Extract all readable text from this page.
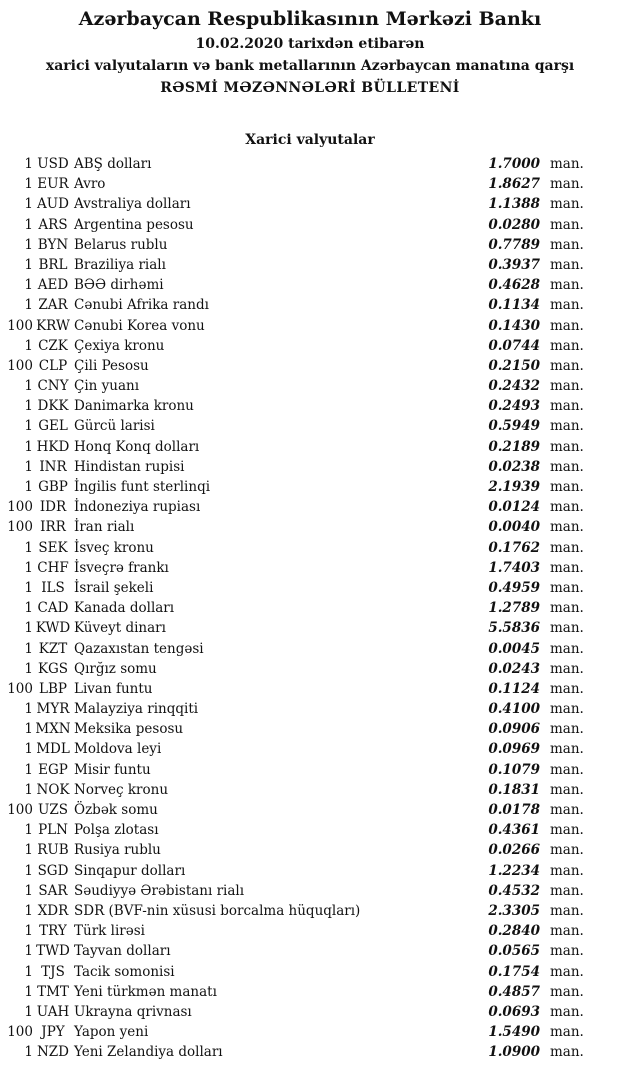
Azərbaycan Respublikasının Mərkəzi Bankı
10.02.2020 tarixdən etibarən
xarici valyutaların və bank metallarının Azərbaycan manatına qarşı
RƏSMİ MƏZƏNNƏLƏRİ BÜLLETENİ
Xarici valyutalar
1 USD ABŞ dolları	1.7000 man.
1 EUR Avro	1.8627 man.
1 AUD Avstraliya dolları	1.1388 man.
1 ARS Argentina pesosu	0.0280 man.
1 BYN Belarus rublu	0.7789 man.
1 BRL Braziliya rialı	0.3937 man.
1 AED BƏƏ dirhəmi	0.4628 man.
1 ZAR Cənubi Afrika randı	0.1134 man.
100 KRW Cənubi Korea vonu	0.1430 man.
1 CZK Çexiya kronu	0.0744 man.
100 CLP Çili Pesosu	0.2150 man.
1 CNY Çin yuanı	0.2432 man.
1 DKK Danimarka kronu	0.2493 man.
1 GEL Gürcü larisi	0.5949 man.
1 HKD Honq Konq dolları	0.2189 man.
1 INR Hindistan rupisi	0.0238 man.
1 GBP İngilis funt sterlinqi	2.1939 man.
100 IDR İndoneziya rupiası	0.0124 man.
100 IRR İran rialı	0.0040 man.
1 SEK İsveç kronu	0.1762 man.
1 CHF İsveçrə frankı	1.7403 man.
1 ILS İsrail şekeli	0.4959 man.
1 CAD Kanada dolları	1.2789 man.
1 KWD Küveyt dinarı	5.5836 man.
1 KZT Qazaxıstan tengəsi	0.0045 man.
1 KGS Qırğız somu	0.0243 man.
100 LBP Livan funtu	0.1124 man.
1 MYR Malayziya rinqqiti	0.4100 man.
1 MXN Meksika pesosu	0.0906 man.
1 MDL Moldova leyi	0.0969 man.
1 EGP Misir funtu	0.1079 man.
1 NOK Norveç kronu	0.1831 man.
100 UZS Özbək somu	0.0178 man.
1 PLN Polşa zlotası	0.4361 man.
1 RUB Rusiya rublu	0.0266 man.
1 SGD Sinqapur dolları	1.2234 man.
1 SAR Səudiyyə Ərəbistanı rialı	0.4532 man.
1 XDR SDR (BVF-nin xüsusi borcalma hüquqları)	2.3305 man.
1 TRY Türk lirəsi	0.2840 man.
1 TWD Tayvan dolları	0.0565 man.
1 TJS Tacik somonisi	0.1754 man.
1 TMT Yeni türkmən manatı	0.4857 man.
1 UAH Ukrayna qrivnası	0.0693 man.
100 JPY Yapon yeni	1.5490 man.
1 NZD Yeni Zelandiya dolları	1.0900 man.
